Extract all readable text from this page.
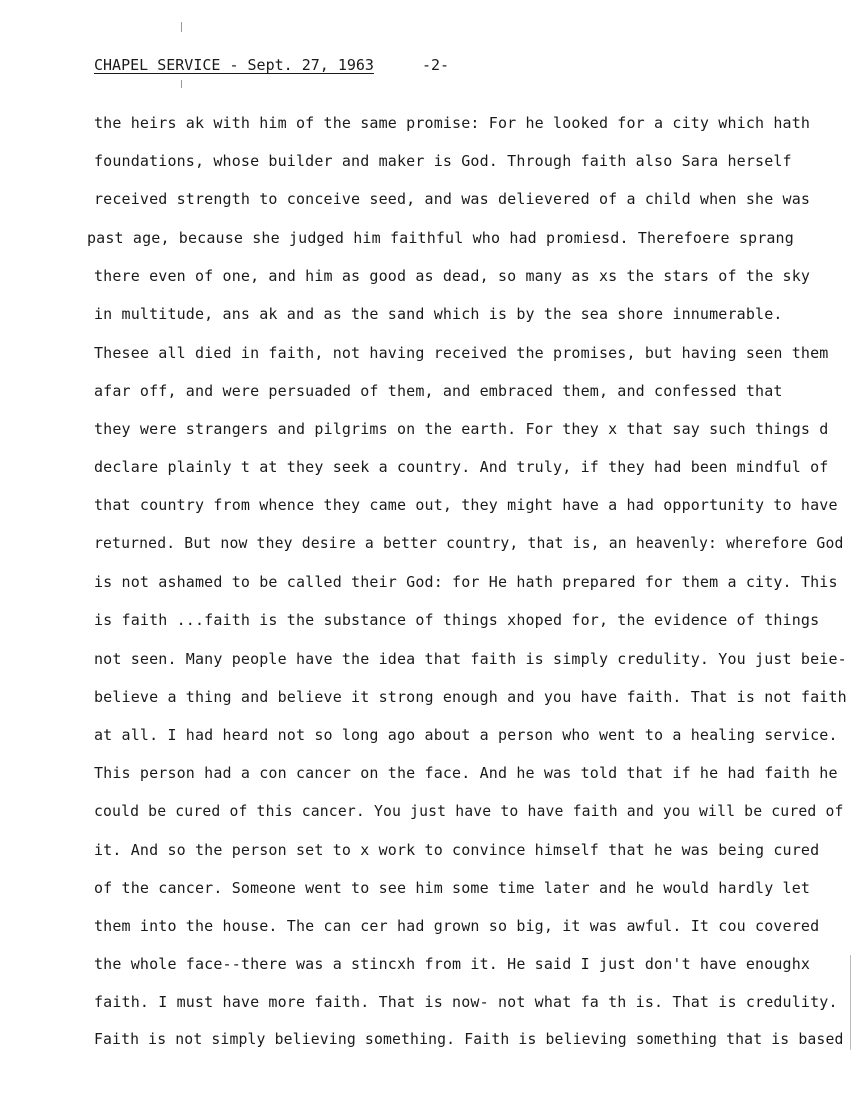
CHAPEL SERVICE - Sept. 27, 1963	-2-
the heirs ak with him of the same promise: For he looked for a city which hath
foundations, whose builder and maker is God. Through faith also Sara herself
received strength to conceive seed, and was delievered of a child when she was
past age, because she judged him faithful who had promiesd. Therefoere sprang
there even of one, and him as good as dead, so many as xs the stars of the sky
in multitude, ans ak and as the sand which is by the sea shore innumerable.
Thesee all died in faith, not having received the promises, but having seen them
afar off, and were persuaded of them, and embraced them, and confessed that
they were strangers and pilgrims on the earth. For they x that say such things d
declare plainly t at they seek a country. And truly, if they had been mindful of
that country from whence they came out, they might have a had opportunity to have
returned. But now they desire a better country, that is, an heavenly: wherefore God
is not ashamed to be called their God: for He hath prepared for them a city. This
is faith ...faith is the substance of things xhoped for, the evidence of things
not seen. Many people have the idea that faith is simply credulity. You just beie-
believe a thing and believe it strong enough and you have faith. That is not faith
at all. I had heard not so long ago about a person who went to a healing service.
This person had a con cancer on the face. And he was told that if he had faith he
could be cured of this cancer. You just have to have faith and you will be cured of
it. And so the person set to x work to convince himself that he was being cured
of the cancer. Someone went to see him some time later and he would hardly let
them into the house. The can cer had grown so big, it was awful. It cou covered
the whole face--there was a stincxh from it. He said I just don't have enoughx
faith. I must have more faith. That is now- not what fa th is. That is credulity.
Faith is not simply believing something. Faith is believing something that is based
